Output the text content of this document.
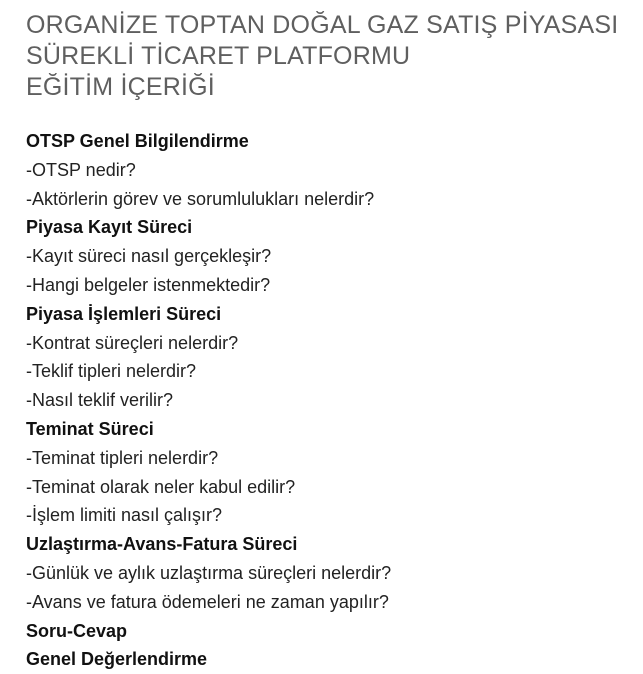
ORGANİZE TOPTAN DOĞAL GAZ SATIŞ PİYASASI
SÜREKLİ TİCARET PLATFORMU
EĞİTİM İÇERİĞİ
OTSP Genel Bilgilendirme
-OTSP nedir?
-Aktörlerin görev ve sorumlulukları nelerdir?
Piyasa Kayıt Süreci
-Kayıt süreci nasıl gerçekleşir?
-Hangi belgeler istenmektedir?
Piyasa İşlemleri Süreci
-Kontrat süreçleri nelerdir?
-Teklif tipleri nelerdir?
-Nasıl teklif verilir?
Teminat Süreci
-Teminat tipleri nelerdir?
-Teminat olarak neler kabul edilir?
-İşlem limiti nasıl çalışır?
Uzlaştırma-Avans-Fatura Süreci
-Günlük ve aylık uzlaştırma süreçleri nelerdir?
-Avans ve fatura ödemeleri ne zaman yapılır?
Soru-Cevap
Genel Değerlendirme
